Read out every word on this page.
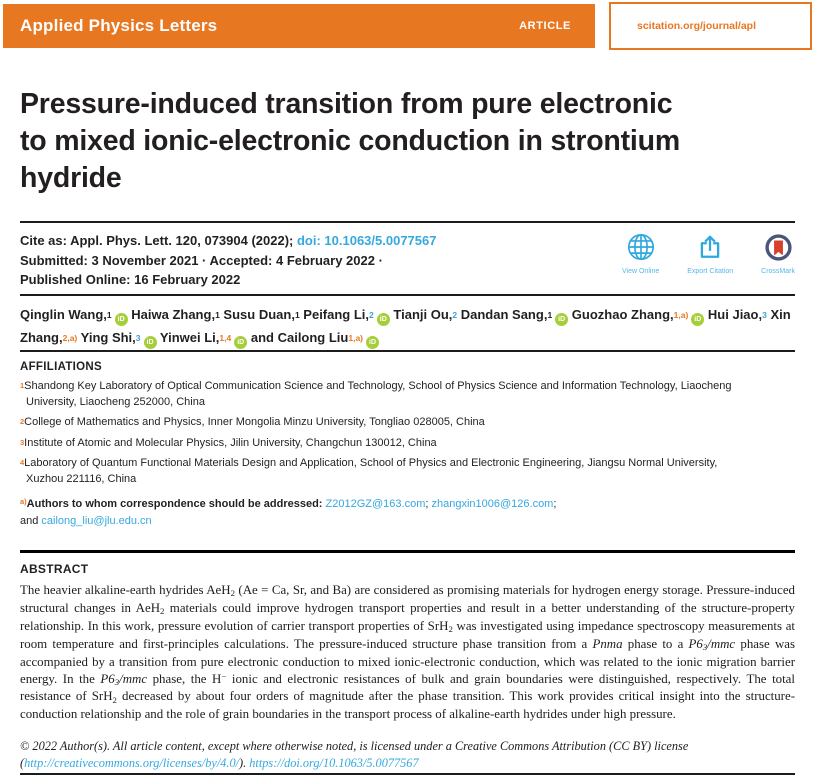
Applied Physics Letters	ARTICLE	scitation.org/journal/apl
Pressure-induced transition from pure electronic
to mixed ionic-electronic conduction in strontium
hydride
Cite as: Appl. Phys. Lett. 120, 073904 (2022); doi: 10.1063/5.0077567
Submitted: 3 November 2021 · Accepted: 4 February 2022 ·
Published Online: 16 February 2022
View Online	Export Citation	CrossMark
Qinglin Wang,1 iD Haiwa Zhang,1 Susu Duan,1 Peifang Li,2 iD Tianji Ou,2 Dandan Sang,1 iD Guozhao Zhang,1,a) iD Hui Jiao,3 Xin Zhang,2,a) Ying Shi,3 iD Yinwei Li,1,4 iD and Cailong Liu1,a) iD
AFFILIATIONS
1Shandong Key Laboratory of Optical Communication Science and Technology, School of Physics Science and Information Technology, Liaocheng University, Liaocheng 252000, China
2College of Mathematics and Physics, Inner Mongolia Minzu University, Tongliao 028005, China
3Institute of Atomic and Molecular Physics, Jilin University, Changchun 130012, China
4Laboratory of Quantum Functional Materials Design and Application, School of Physics and Electronic Engineering, Jiangsu Normal University, Xuzhou 221116, China
$^{a)}$Authors to whom correspondence should be addressed: Z2012GZ@163.com; zhangxin1006@126.com;
and cailong_liu@jlu.edu.cn
ABSTRACT
The heavier alkaline-earth hydrides AeH2 (Ae = Ca, Sr, and Ba) are considered as promising materials for hydrogen energy storage. Pressure-induced structural changes in AeH2 materials could improve hydrogen transport properties and result in a better understanding of the structure-property relationship. In this work, pressure evolution of carrier transport properties of SrH2 was investigated using impedance spectroscopy measurements at room temperature and first-principles calculations. The pressure-induced structure phase transition from a Pnma phase to a P63/mmc phase was accompanied by a transition from pure electronic conduction to mixed ionic-electronic conduction, which was related to the ionic migration barrier energy. In the P63/mmc phase, the H− ionic and electronic resistances of bulk and grain boundaries were distinguished, respectively. The total resistance of SrH2 decreased by about four orders of magnitude after the phase transition. This work provides critical insight into the structure-conduction relationship and the role of grain boundaries in the transport process of alkaline-earth hydrides under high pressure.
© 2022 Author(s). All article content, except where otherwise noted, is licensed under a Creative Commons Attribution (CC BY) license (http://creativecommons.org/licenses/by/4.0/). https://doi.org/10.1063/5.0077567
